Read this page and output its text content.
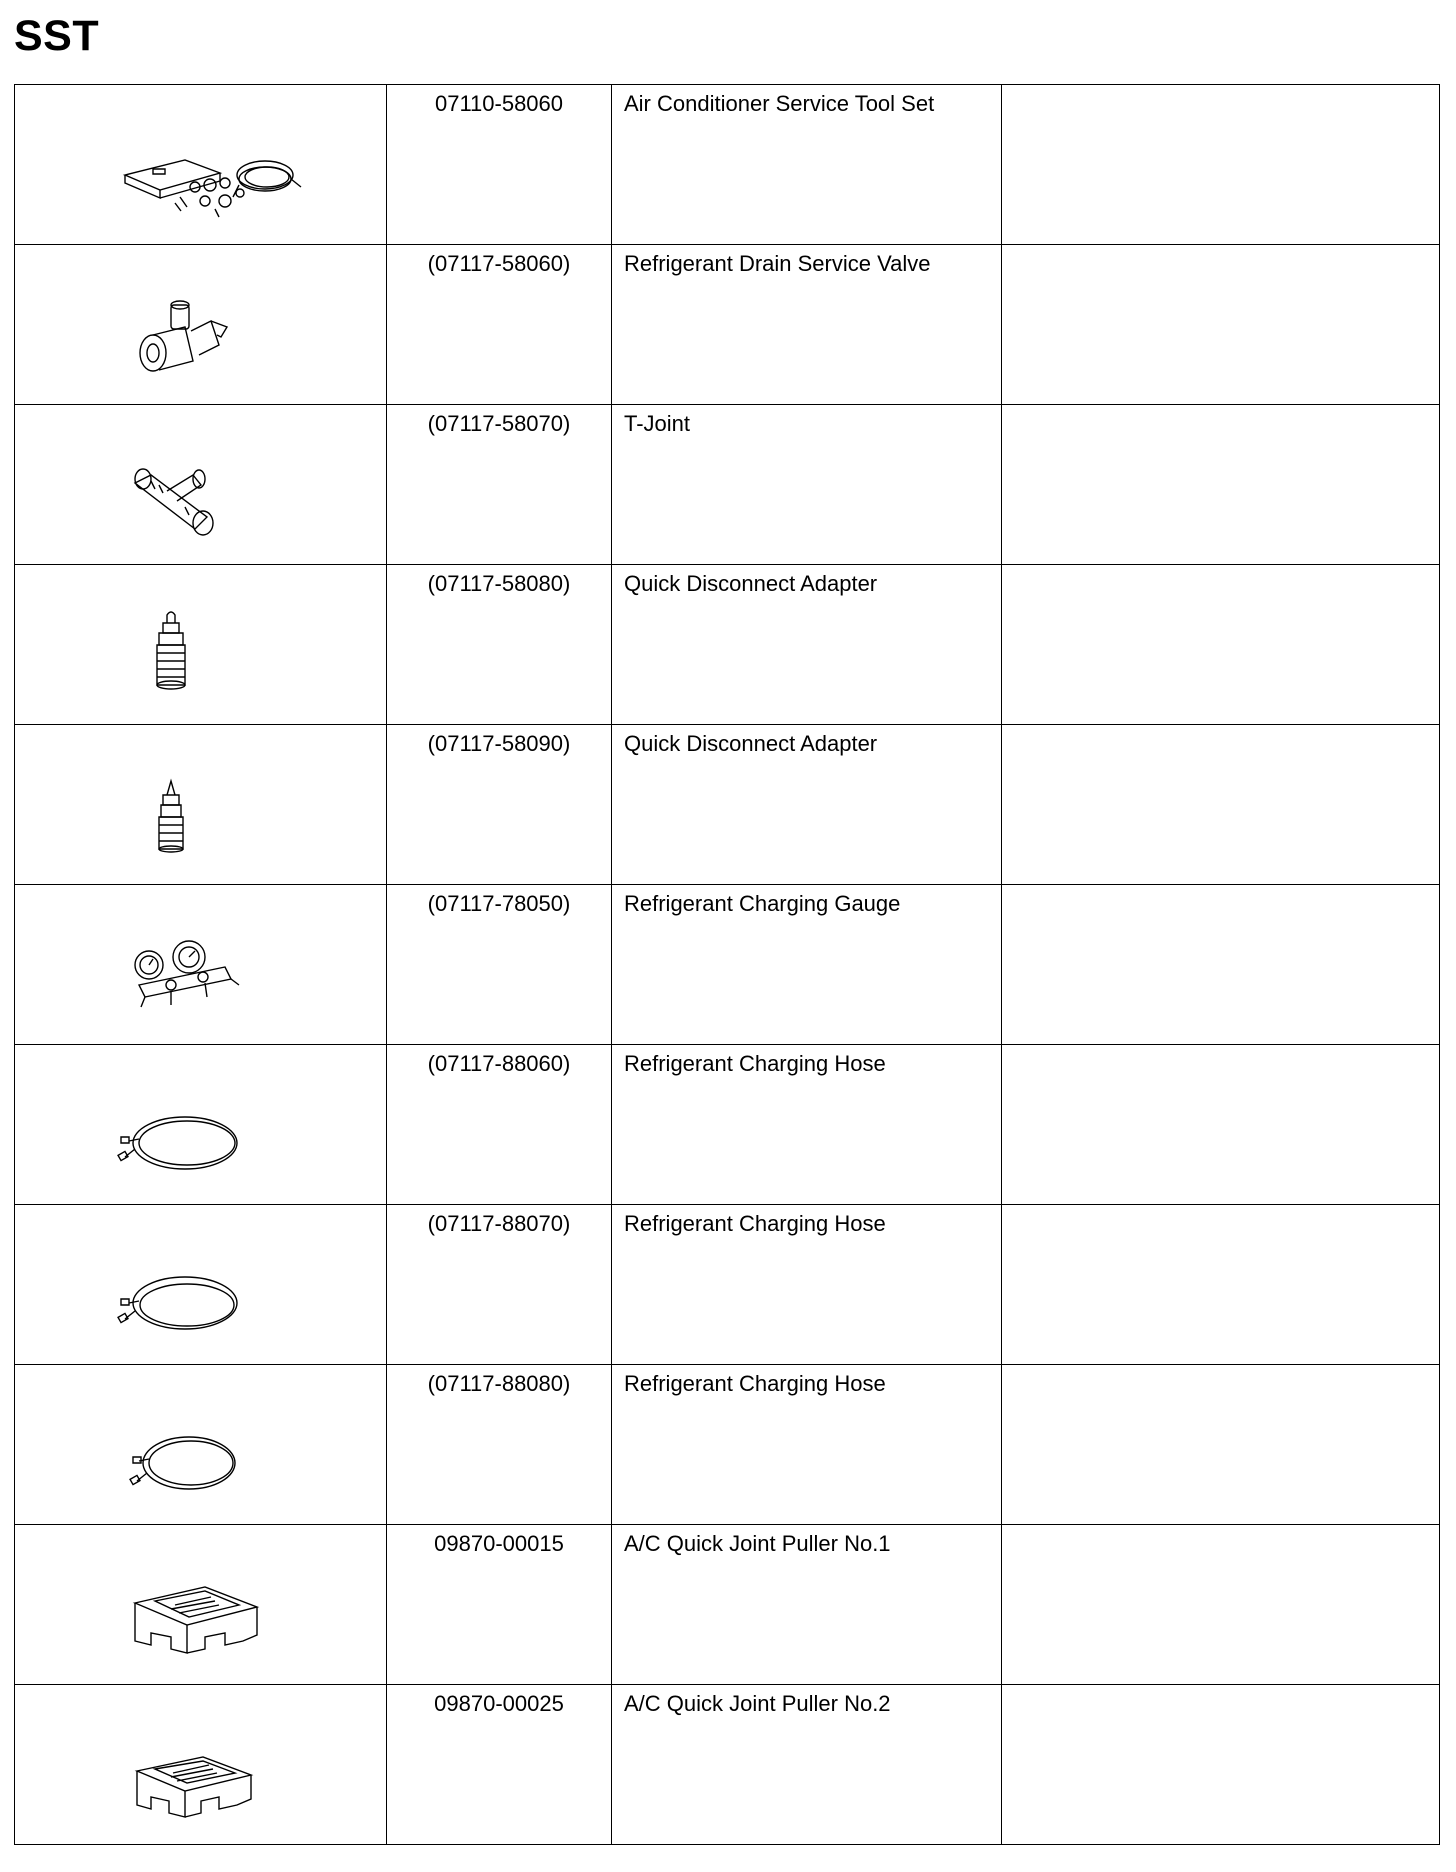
SST
	07110-58060	Air Conditioner Service Tool Set	

	(07117-58060)	Refrigerant Drain Service Valve	

	(07117-58070)	T-Joint	

	(07117-58080)	Quick Disconnect Adapter	

	(07117-58090)	Quick Disconnect Adapter	

	(07117-78050)	Refrigerant Charging Gauge	

	(07117-88060)	Refrigerant Charging Hose	

	(07117-88070)	Refrigerant Charging Hose	

	(07117-88080)	Refrigerant Charging Hose	

	09870-00015	A/C Quick Joint Puller No.1	

	09870-00025	A/C Quick Joint Puller No.2	
